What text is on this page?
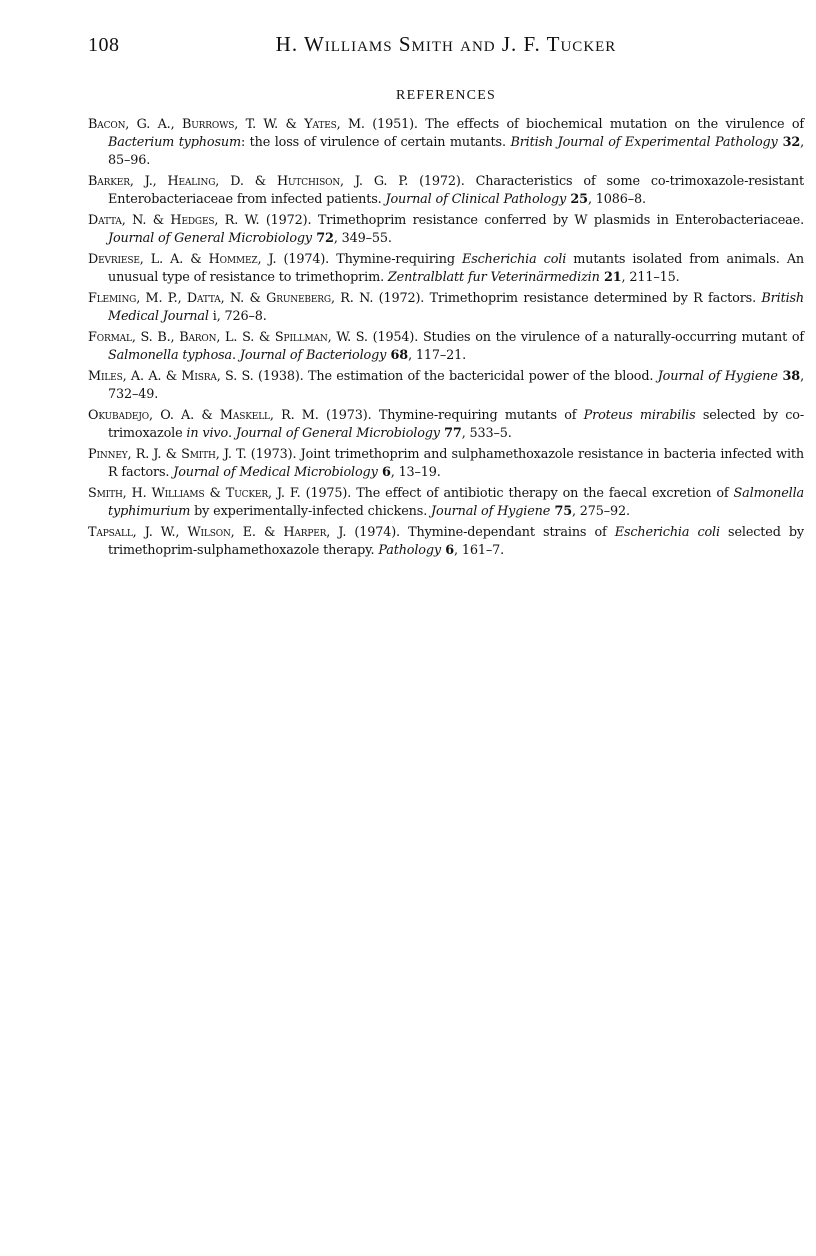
108	H. Williams Smith and J. F. Tucker
REFERENCES
Bacon, G. A., Burrows, T. W. & Yates, M. (1951). The effects of biochemical mutation on the virulence of Bacterium typhosum: the loss of virulence of certain mutants. British Journal of Experimental Pathology 32, 85–96.
Barker, J., Healing, D. & Hutchison, J. G. P. (1972). Characteristics of some co-trimoxazole-resistant Enterobacteriaceae from infected patients. Journal of Clinical Pathology 25, 1086–8.
Datta, N. & Hedges, R. W. (1972). Trimethoprim resistance conferred by W plasmids in Enterobacteriaceae. Journal of General Microbiology 72, 349–55.
Devriese, L. A. & Hommez, J. (1974). Thymine-requiring Escherichia coli mutants isolated from animals. An unusual type of resistance to trimethoprim. Zentralblatt fur Veterinärmedizin 21, 211–15.
Fleming, M. P., Datta, N. & Gruneberg, R. N. (1972). Trimethoprim resistance determined by R factors. British Medical Journal i, 726–8.
Formal, S. B., Baron, L. S. & Spillman, W. S. (1954). Studies on the virulence of a naturally-occurring mutant of Salmonella typhosa. Journal of Bacteriology 68, 117–21.
Miles, A. A. & Misra, S. S. (1938). The estimation of the bactericidal power of the blood. Journal of Hygiene 38, 732–49.
Okubadejo, O. A. & Maskell, R. M. (1973). Thymine-requiring mutants of Proteus mirabilis selected by co-trimoxazole in vivo. Journal of General Microbiology 77, 533–5.
Pinney, R. J. & Smith, J. T. (1973). Joint trimethoprim and sulphamethoxazole resistance in bacteria infected with R factors. Journal of Medical Microbiology 6, 13–19.
Smith, H. Williams & Tucker, J. F. (1975). The effect of antibiotic therapy on the faecal excretion of Salmonella typhimurium by experimentally-infected chickens. Journal of Hygiene 75, 275–92.
Tapsall, J. W., Wilson, E. & Harper, J. (1974). Thymine-dependant strains of Escherichia coli selected by trimethoprim-sulphamethoxazole therapy. Pathology 6, 161–7.
